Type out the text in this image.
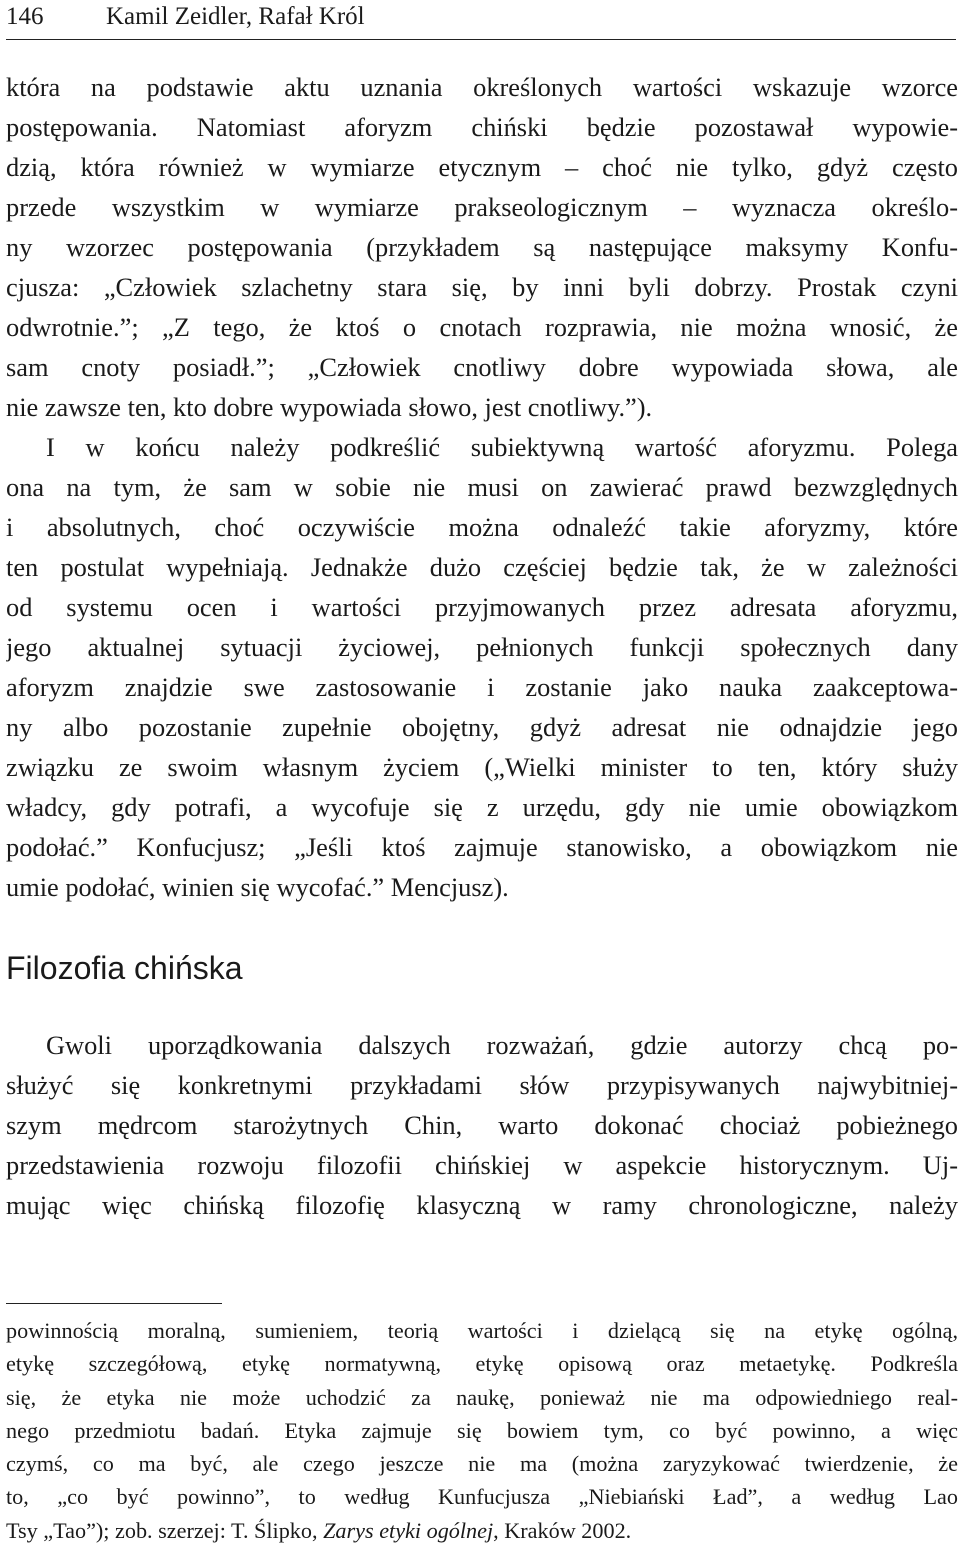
146	Kamil Zeidler, Rafał Król
która na podstawie aktu uznania określonych wartości wskazuje wzorce
postępowania. Natomiast aforyzm chiński będzie pozostawał wypowie-
dzią, która również w wymiarze etycznym – choć nie tylko, gdyż często
przede wszystkim w wymiarze prakseologicznym – wyznacza określo-
ny wzorzec postępowania (przykładem są następujące maksymy Konfu-
cjusza: „Człowiek szlachetny stara się, by inni byli dobrzy. Prostak czyni
odwrotnie.”; „Z tego, że ktoś o cnotach rozprawia, nie można wnosić, że
sam cnoty posiadł.”; „Człowiek cnotliwy dobre wypowiada słowa, ale
nie zawsze ten, kto dobre wypowiada słowo, jest cnotliwy.”).
I w końcu należy podkreślić subiektywną wartość aforyzmu. Polega
ona na tym, że sam w sobie nie musi on zawierać prawd bezwzględnych
i absolutnych, choć oczywiście można odnaleźć takie aforyzmy, które
ten postulat wypełniają. Jednakże dużo częściej będzie tak, że w zależności
od systemu ocen i wartości przyjmowanych przez adresata aforyzmu,
jego aktualnej sytuacji życiowej, pełnionych funkcji społecznych dany
aforyzm znajdzie swe zastosowanie i zostanie jako nauka zaakceptowa-
ny albo pozostanie zupełnie obojętny, gdyż adresat nie odnajdzie jego
związku ze swoim własnym życiem („Wielki minister to ten, który służy
władcy, gdy potrafi, a wycofuje się z urzędu, gdy nie umie obowiązkom
podołać.” Konfucjusz; „Jeśli ktoś zajmuje stanowisko, a obowiązkom nie
umie podołać, winien się wycofać.” Mencjusz).
Filozofia chińska
Gwoli uporządkowania dalszych rozważań, gdzie autorzy chcą po-
służyć się konkretnymi przykładami słów przypisywanych najwybitniej-
szym mędrcom starożytnych Chin, warto dokonać chociaż pobieżnego
przedstawienia rozwoju filozofii chińskiej w aspekcie historycznym. Uj-
mując więc chińską filozofię klasyczną w ramy chronologiczne, należy
powinnością moralną, sumieniem, teorią wartości i dzielącą się na etykę ogólną,
etykę szczegółową, etykę normatywną, etykę opisową oraz metaetykę. Podkreśla
się, że etyka nie może uchodzić za naukę, ponieważ nie ma odpowiedniego real-
nego przedmiotu badań. Etyka zajmuje się bowiem tym, co być powinno, a więc
czymś, co ma być, ale czego jeszcze nie ma (można zaryzykować twierdzenie, że
to, „co być powinno”, to według Kunfucjusza „Niebiański Ład”, a według Lao
Tsy „Tao”); zob. szerzej: T. Ślipko, Zarys etyki ogólnej, Kraków 2002.
